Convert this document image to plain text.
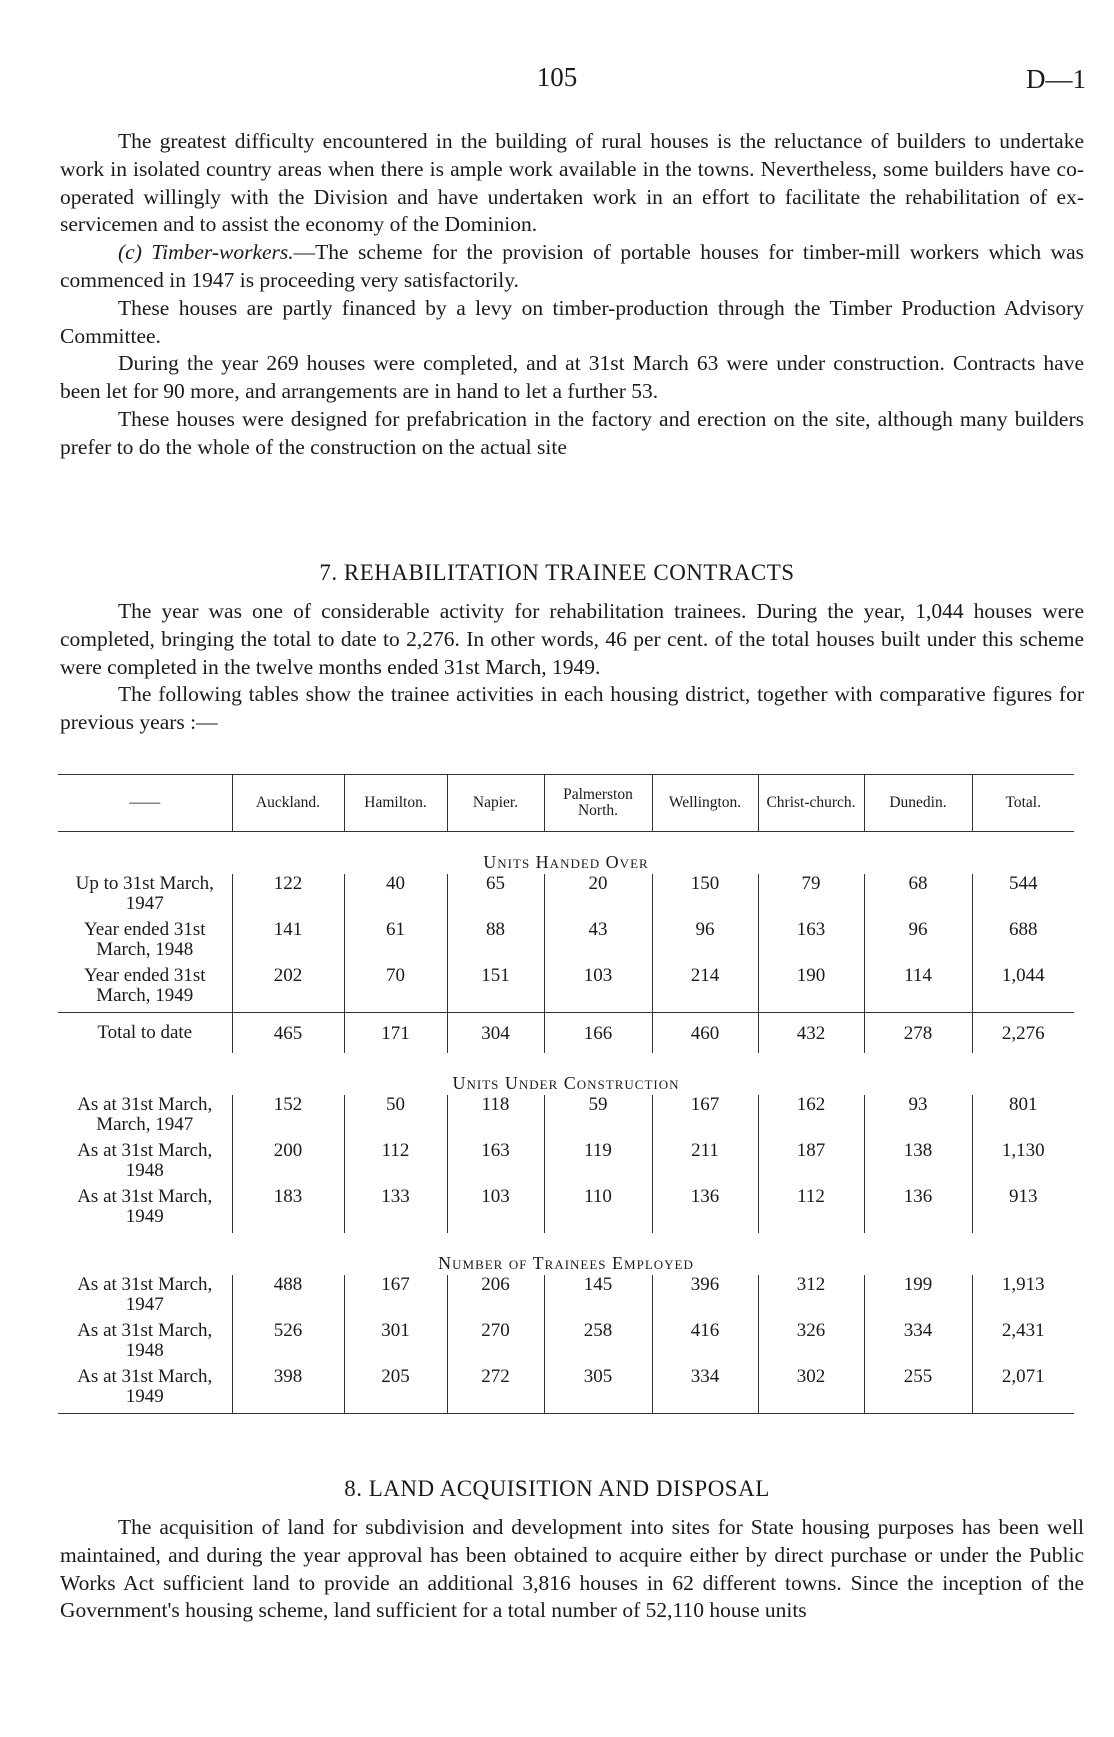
105	D—1

The greatest difficulty encountered in the building of rural houses is the reluctance of builders to undertake work in isolated country areas when there is ample work available in the towns. Nevertheless, some builders have co-operated willingly with the Division and have undertaken work in an effort to facilitate the rehabilitation of ex-servicemen and to assist the economy of the Dominion.

(c) Timber-workers.—The scheme for the provision of portable houses for timber-mill workers which was commenced in 1947 is proceeding very satisfactorily.

These houses are partly financed by a levy on timber-production through the Timber Production Advisory Committee.

During the year 269 houses were completed, and at 31st March 63 were under construction. Contracts have been let for 90 more, and arrangements are in hand to let a further 53.

These houses were designed for prefabrication in the factory and erection on the site, although many builders prefer to do the whole of the construction on the actual site

7. REHABILITATION TRAINEE CONTRACTS

The year was one of considerable activity for rehabilitation trainees. During the year, 1,044 houses were completed, bringing the total to date to 2,276. In other words, 46 per cent. of the total houses built under this scheme were completed in the twelve months ended 31st March, 1949.

The following tables show the trainee activities in each housing district, together with comparative figures for previous years :—

——	Auckland.	Hamilton.	Napier.	Palmerston North.	Wellington.	Christ-church.	Dunedin.	Total.
Units Handed Over								
Up to 31st March, 1947	122	40	65	20	150	79	68	544
Year ended 31st March, 1948	141	61	88	43	96	163	96	688
Year ended 31st March, 1949	202	70	151	103	214	190	114	1,044
Total to date	465	171	304	166	460	432	278	2,276
Units Under Construction								
As at 31st March, March, 1947	152	50	118	59	167	162	93	801
As at 31st March, 1948	200	112	163	119	211	187	138	1,130
As at 31st March, 1949	183	133	103	110	136	112	136	913
Number of Trainees Employed								
As at 31st March, 1947	488	167	206	145	396	312	199	1,913
As at 31st March, 1948	526	301	270	258	416	326	334	2,431
As at 31st March, 1949	398	205	272	305	334	302	255	2,071
8. LAND ACQUISITION AND DISPOSAL

The acquisition of land for subdivision and development into sites for State housing purposes has been well maintained, and during the year approval has been obtained to acquire either by direct purchase or under the Public Works Act sufficient land to provide an additional 3,816 houses in 62 different towns. Since the inception of the Government's housing scheme, land sufficient for a total number of 52,110 house units
